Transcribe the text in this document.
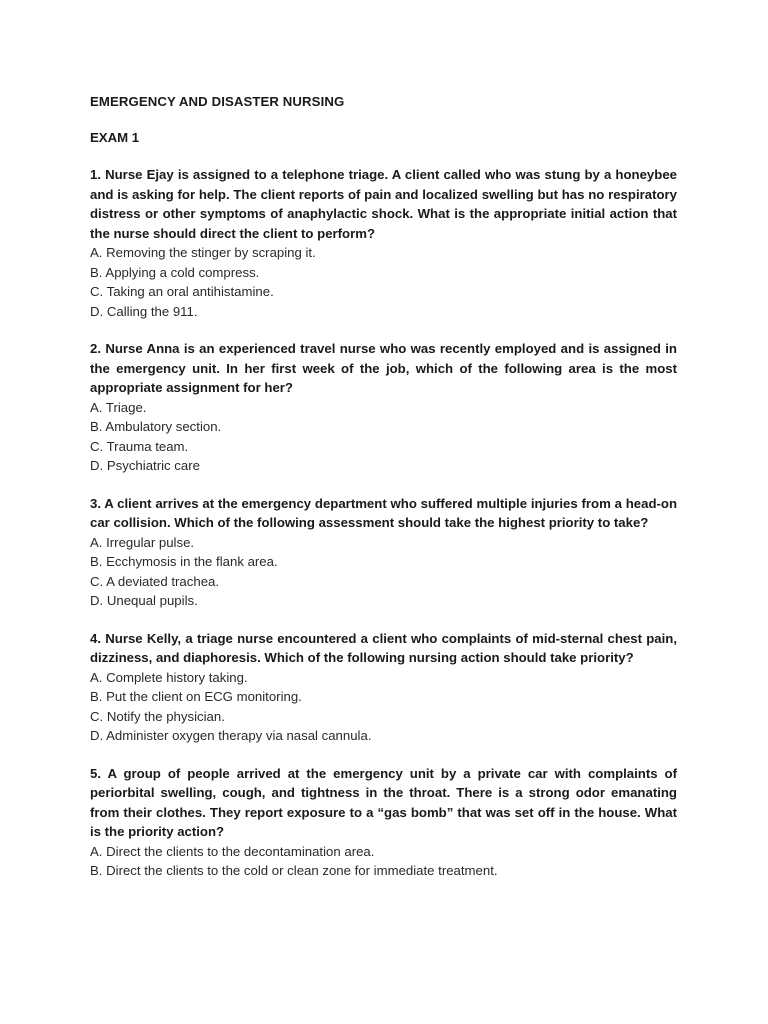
EMERGENCY AND DISASTER NURSING

EXAM 1

1. Nurse Ejay is assigned to a telephone triage. A client called who was stung by a honeybee and is asking for help. The client reports of pain and localized swelling but has no respiratory distress or other symptoms of anaphylactic shock. What is the appropriate initial action that the nurse should direct the client to perform?

A. Removing the stinger by scraping it.
B. Applying a cold compress.
C. Taking an oral antihistamine.
D. Calling the 911.

2. Nurse Anna is an experienced travel nurse who was recently employed and is assigned in the emergency unit. In her first week of the job, which of the following area is the most appropriate assignment for her?

A. Triage.
B. Ambulatory section.
C. Trauma team.
D. Psychiatric care

3. A client arrives at the emergency department who suffered multiple injuries from a head-on car collision. Which of the following assessment should take the highest priority to take?

A. Irregular pulse.
B. Ecchymosis in the flank area.
C. A deviated trachea.
D. Unequal pupils.

4. Nurse Kelly, a triage nurse encountered a client who complaints of mid-sternal chest pain, dizziness, and diaphoresis. Which of the following nursing action should take priority?

A. Complete history taking.
B. Put the client on ECG monitoring.
C. Notify the physician.
D. Administer oxygen therapy via nasal cannula.

5. A group of people arrived at the emergency unit by a private car with complaints of periorbital swelling, cough, and tightness in the throat. There is a strong odor emanating from their clothes. They report exposure to a “gas bomb” that was set off in the house. What is the priority action?

A. Direct the clients to the decontamination area.
B. Direct the clients to the cold or clean zone for immediate treatment.
